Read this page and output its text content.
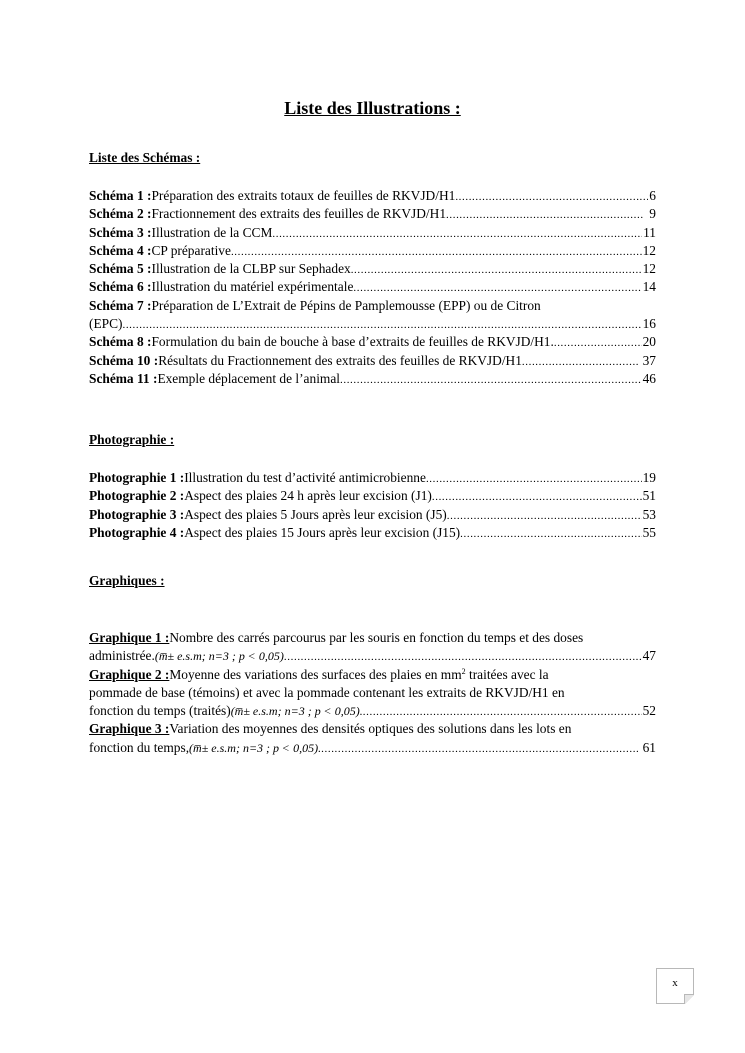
Liste des Illustrations :
Liste des Schémas :
Schéma 1 : Préparation des extraits totaux de feuilles de RKVJD/H1 .....	6
Schéma 2 : Fractionnement des extraits des feuilles de RKVJD/H1 .....	9
Schéma 3 : Illustration de la CCM .....	11
Schéma 4 : CP préparative .....	12
Schéma 5 : Illustration de la CLBP sur Sephadex .....	12
Schéma 6 : Illustration du matériel expérimentale .....	14
Schéma 7 : Préparation de L’Extrait de Pépins de Pamplemousse (EPP) ou de Citron
(EPC) .....	16
Schéma 8 : Formulation du bain de bouche à base d’extraits de feuilles de RKVJD/H1. .....	20
Schéma 10 : Résultats du Fractionnement des extraits des feuilles de RKVJD/H1 .....	37
Schéma 11 : Exemple déplacement de l’animal .....	46
Photographie :
Photographie 1 : Illustration du test d’activité antimicrobienne .....	19
Photographie 2 : Aspect des plaies 24 h après leur excision (J1) .....	51
Photographie 3 : Aspect des plaies 5 Jours après leur excision (J5) .....	53
Photographie 4 : Aspect des plaies 15 Jours après leur excision (J15) .....	55
Graphiques :
Graphique 1 : Nombre des carrés parcourus par les souris en fonction du temps et des doses
administrée. (m̅± e.s.m; n=3 ; p ˂ 0,05) .....	47
Graphique 2 : Moyenne des variations des surfaces des plaies en $mm^2$ traitées avec la
pommade de base (témoins) et avec la pommade contenant les extraits de RKVJD/H1 en
fonction du temps (traités) (m̅± e.s.m; n=3 ; p ˂ 0,05). .....	52
Graphique 3 : Variation des moyennes des densités optiques des solutions dans les lots en
fonction du temps, (m̅± e.s.m; n=3 ; p ˂ 0,05). .....	61
x
